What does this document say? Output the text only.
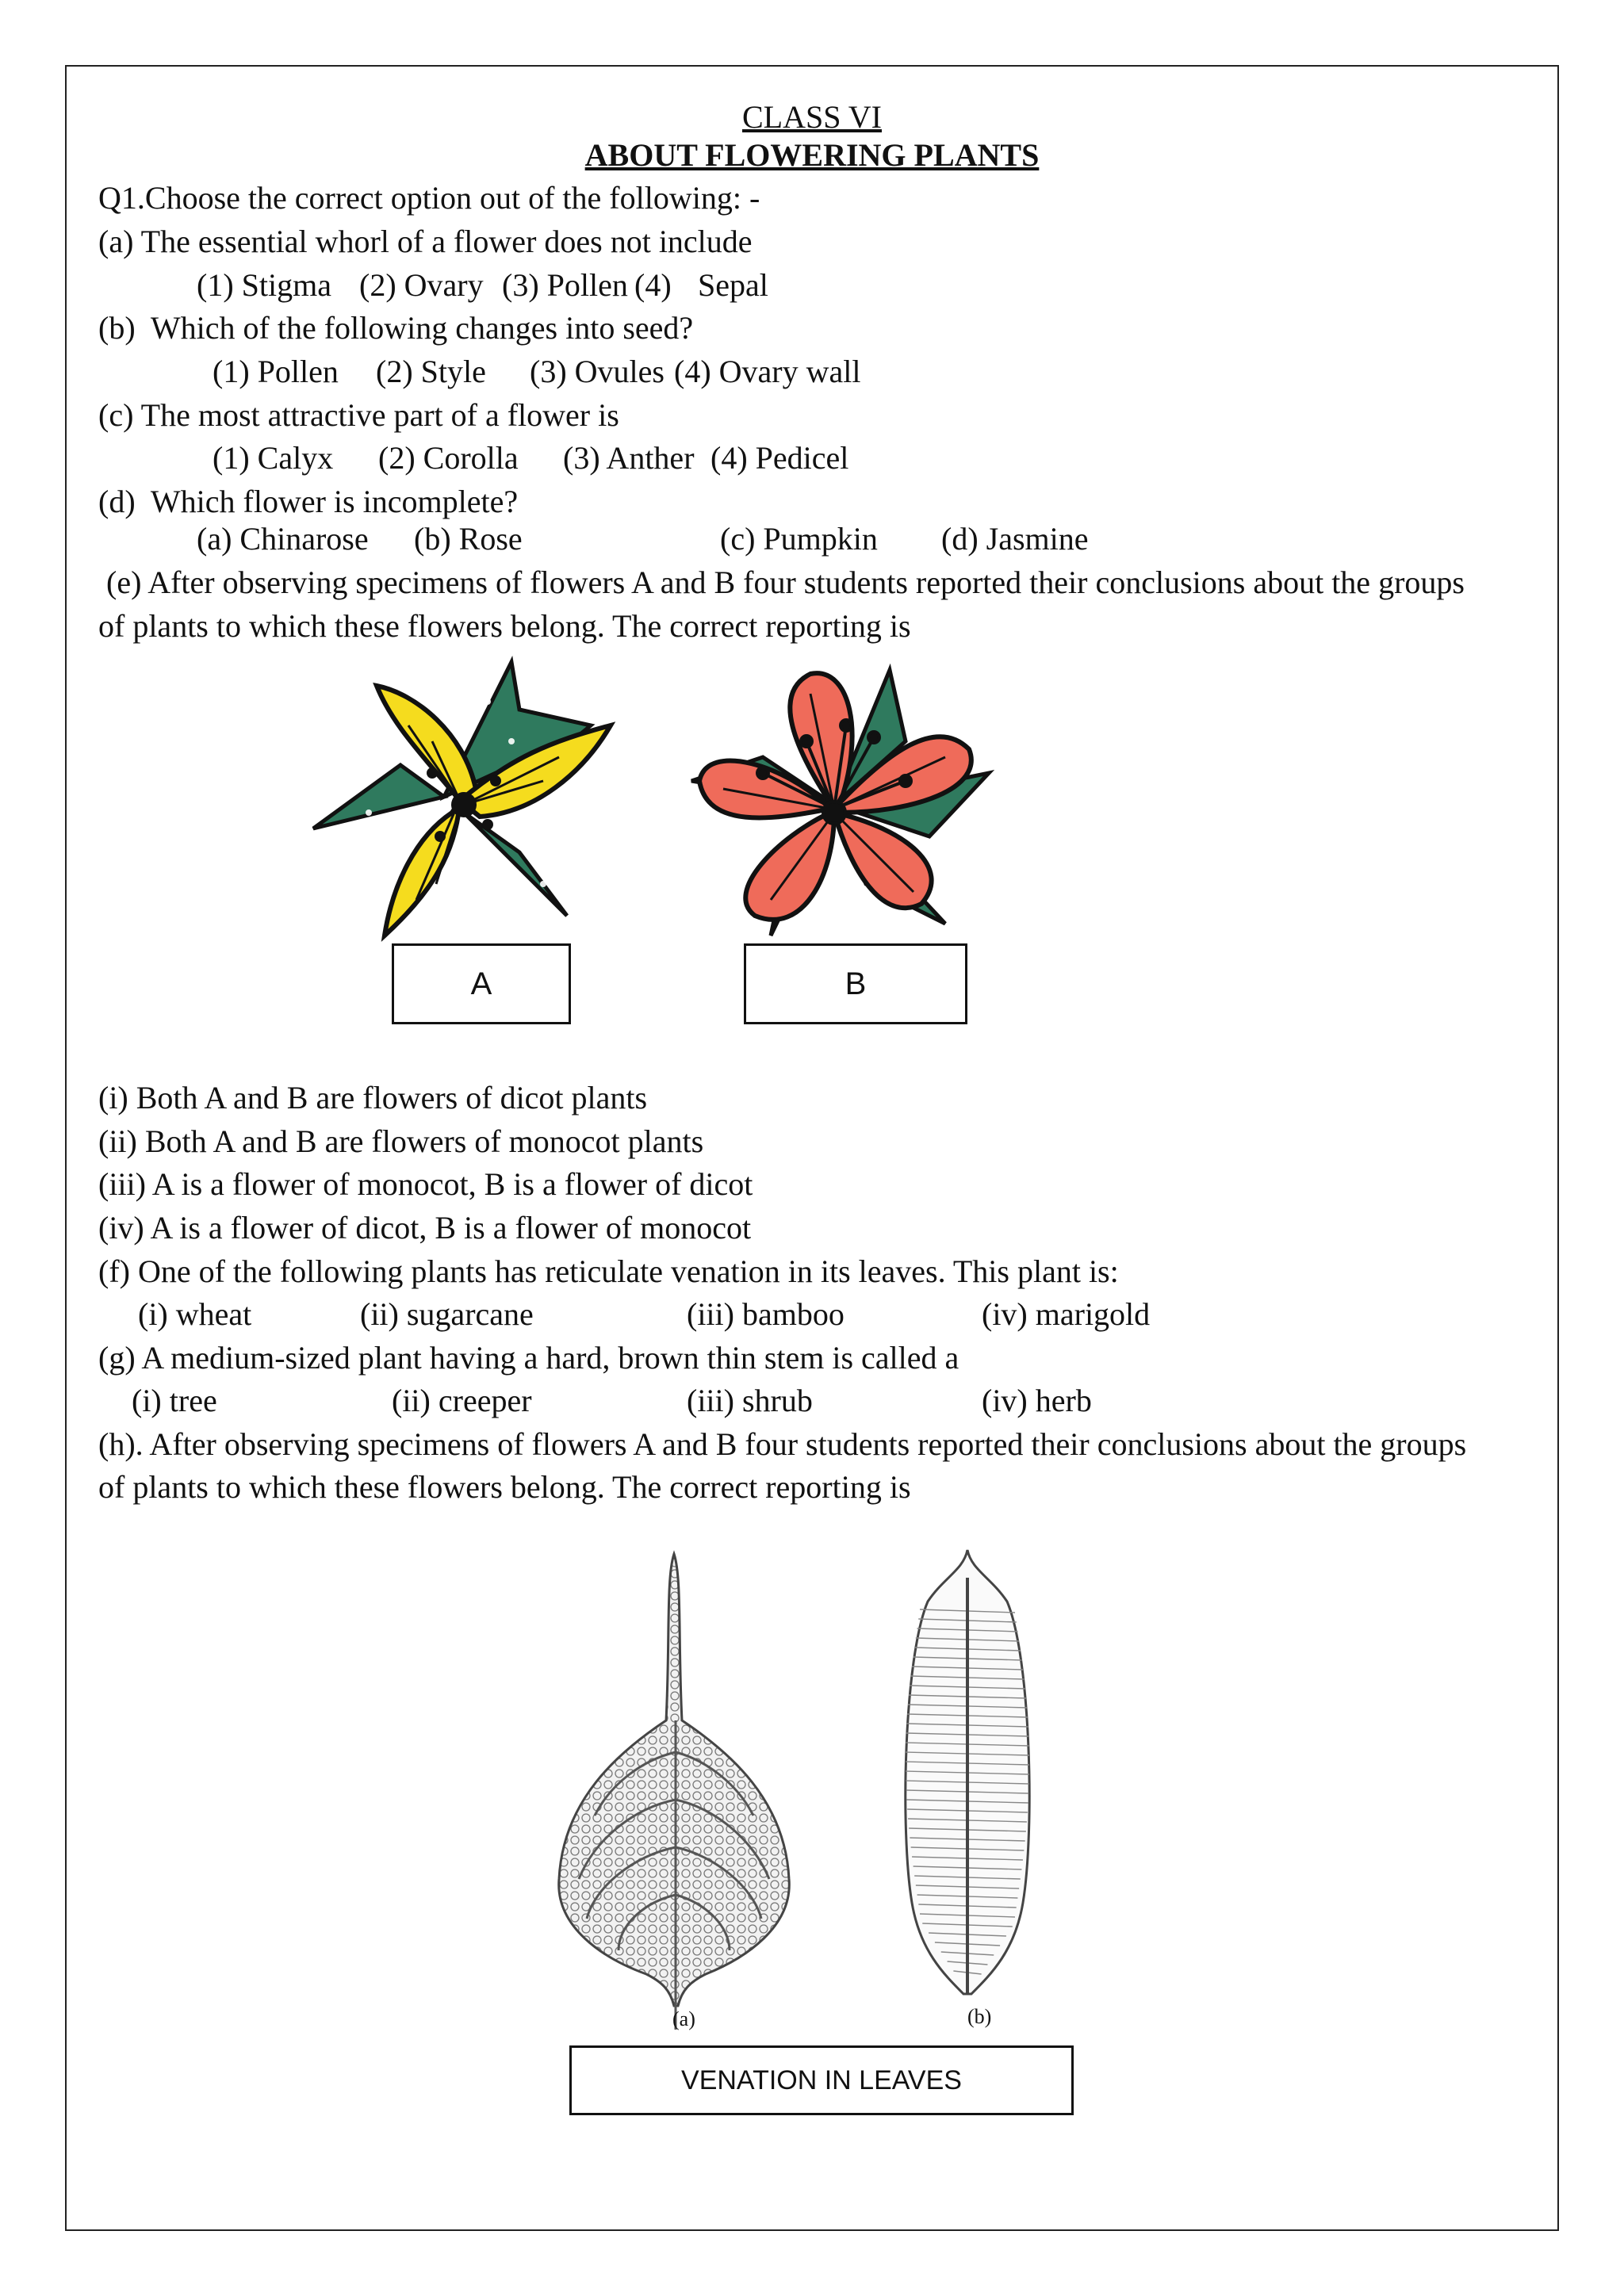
CLASS VI
ABOUT FLOWERING PLANTS
Q1.Choose the correct option out of the following: -
(a) The essential whorl of a flower does not include
(1) Stigma (2) Ovary (3) Pollen (4) Sepal
(b)  Which of the following changes into seed?
(1) Pollen (2) Style (3) Ovules (4) Ovary wall
(c) The most attractive part of a flower is
(1) Calyx (2) Corolla (3) Anther (4) Pedicel
(d)  Which flower is incomplete?
(a) Chinarose (b) Rose	(c) Pumpkin (d) Jasmine
(e) After observing specimens of flowers A and B four students reported their conclusions about the groups
of plants to which these flowers belong. The correct reporting is
A	B
(i) Both A and B are flowers of dicot plants
(ii) Both A and B are flowers of monocot plants
(iii) A is a flower of monocot, B is a flower of dicot
(iv) A is a flower of dicot, B is a flower of monocot
(f) One of the following plants has reticulate venation in its leaves. This plant is:
(i) wheat	(ii) sugarcane	(iii) bamboo	(iv) marigold
(g) A medium-sized plant having a hard, brown thin stem is called a
(i) tree	(ii) creeper	(iii) shrub	(iv) herb
(h). After observing specimens of flowers A and B four students reported their conclusions about the groups
of plants to which these flowers belong. The correct reporting is
(a)	(b)
VENATION IN LEAVES
